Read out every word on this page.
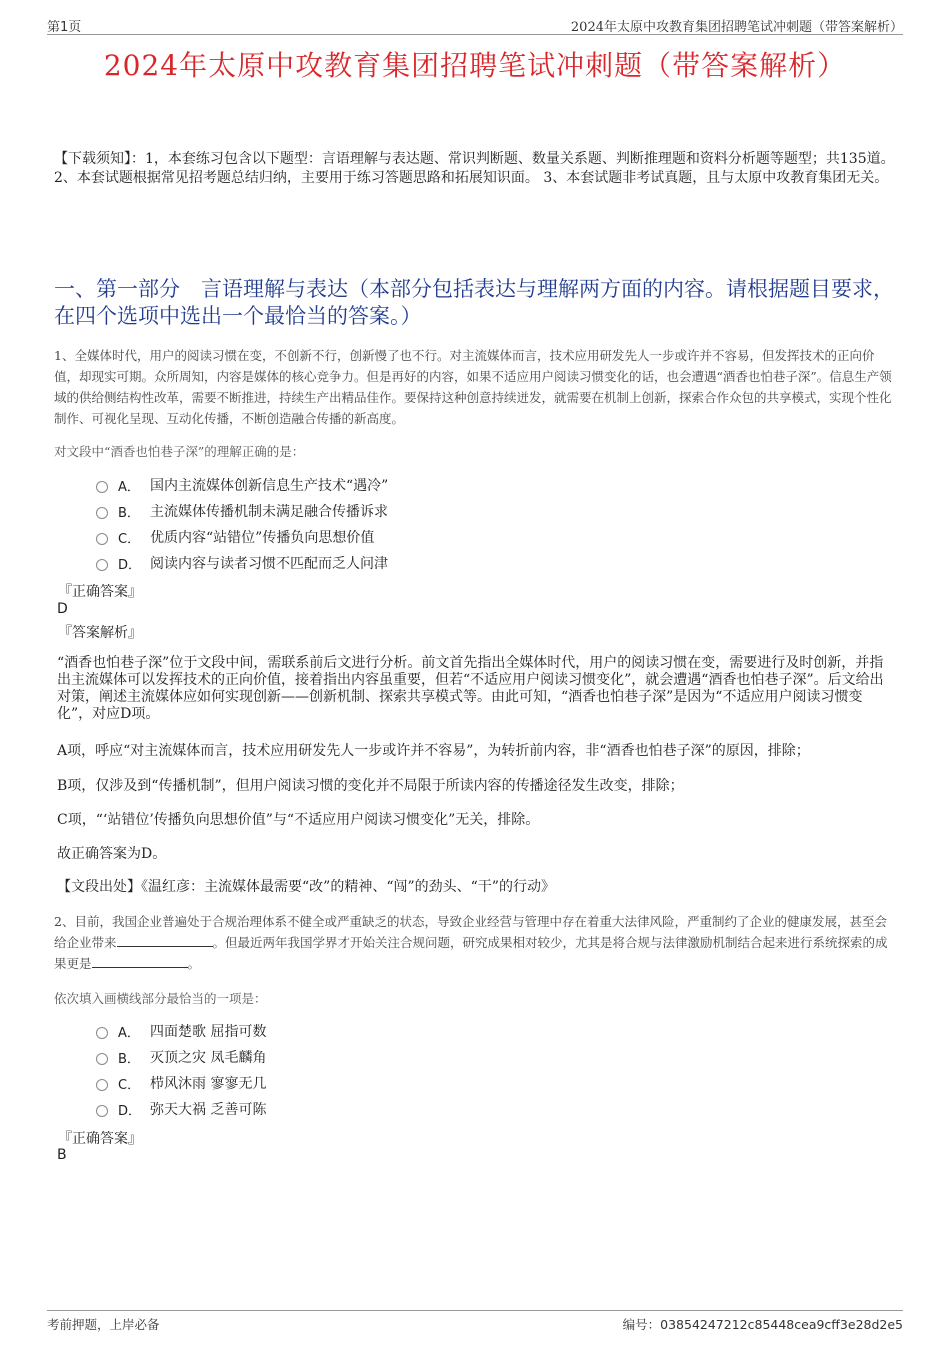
第1页	2024年太原中攻教育集团招聘笔试冲刺题（带答案解析）
2024年太原中攻教育集团招聘笔试冲刺题（带答案解析）
【下载须知】：1，本套练习包含以下题型：言语理解与表达题、常识判断题、数量关系题、判断推理题和资料分析题等题型；共135道。 2、本套试题根据常见招考题总结归纳，主要用于练习答题思路和拓展知识面。 3、本套试题非考试真题，且与太原中攻教育集团无关。
一、第一部分　言语理解与表达（本部分包括表达与理解两方面的内容。请根据题目要求，在四个选项中选出一个最恰当的答案。）
1、全媒体时代，用户的阅读习惯在变，不创新不行，创新慢了也不行。对主流媒体而言，技术应用研发先人一步或许并不容易，但发挥技术的正向价值，却现实可期。众所周知，内容是媒体的核心竞争力。但是再好的内容，如果不适应用户阅读习惯变化的话，也会遭遇“酒香也怕巷子深”。信息生产领域的供给侧结构性改革，需要不断推进，持续生产出精品佳作。要保持这种创意持续迸发，就需要在机制上创新，探索合作众包的共享模式，实现个性化制作、可视化呈现、互动化传播，不断创造融合传播的新高度。
对文段中“酒香也怕巷子深”的理解正确的是：
A． 国内主流媒体创新信息生产技术“遇冷”
B． 主流媒体传播机制未满足融合传播诉求
C． 优质内容“站错位”传播负向思想价值
D． 阅读内容与读者习惯不匹配而乏人问津
『正确答案』
D
『答案解析』
“酒香也怕巷子深”位于文段中间，需联系前后文进行分析。前文首先指出全媒体时代，用户的阅读习惯在变，需要进行及时创新，并指出主流媒体可以发挥技术的正向价值，接着指出内容虽重要，但若“不适应用户阅读习惯变化”，就会遭遇“酒香也怕巷子深”。后文给出对策，阐述主流媒体应如何实现创新——创新机制、探索共享模式等。由此可知，“酒香也怕巷子深”是因为“不适应用户阅读习惯变化”，对应D项。
A项，呼应“对主流媒体而言，技术应用研发先人一步或许并不容易”，为转折前内容，非“酒香也怕巷子深”的原因，排除；
B项，仅涉及到“传播机制”，但用户阅读习惯的变化并不局限于所读内容的传播途径发生改变，排除；
C项，“‘站错位’传播负向思想价值”与“不适应用户阅读习惯变化”无关，排除。
故正确答案为D。
【文段出处】《温红彦：主流媒体最需要“改”的精神、“闯”的劲头、“干”的行动》
2、目前，我国企业普遍处于合规治理体系不健全或严重缺乏的状态，导致企业经营与管理中存在着重大法律风险，严重制约了企业的健康发展，甚至会给企业带来	。但最近两年我国学界才开始关注合规问题，研究成果相对较少，尤其是将合规与法律激励机制结合起来进行系统探索的成果更是	。
依次填入画横线部分最恰当的一项是：
A． 四面楚歌 屈指可数
B． 灭顶之灾 凤毛麟角
C． 栉风沐雨 寥寥无几
D． 弥天大祸 乏善可陈
『正确答案』
B
考前押题，上岸必备	编号：03854247212c85448cea9cff3e28d2e5
